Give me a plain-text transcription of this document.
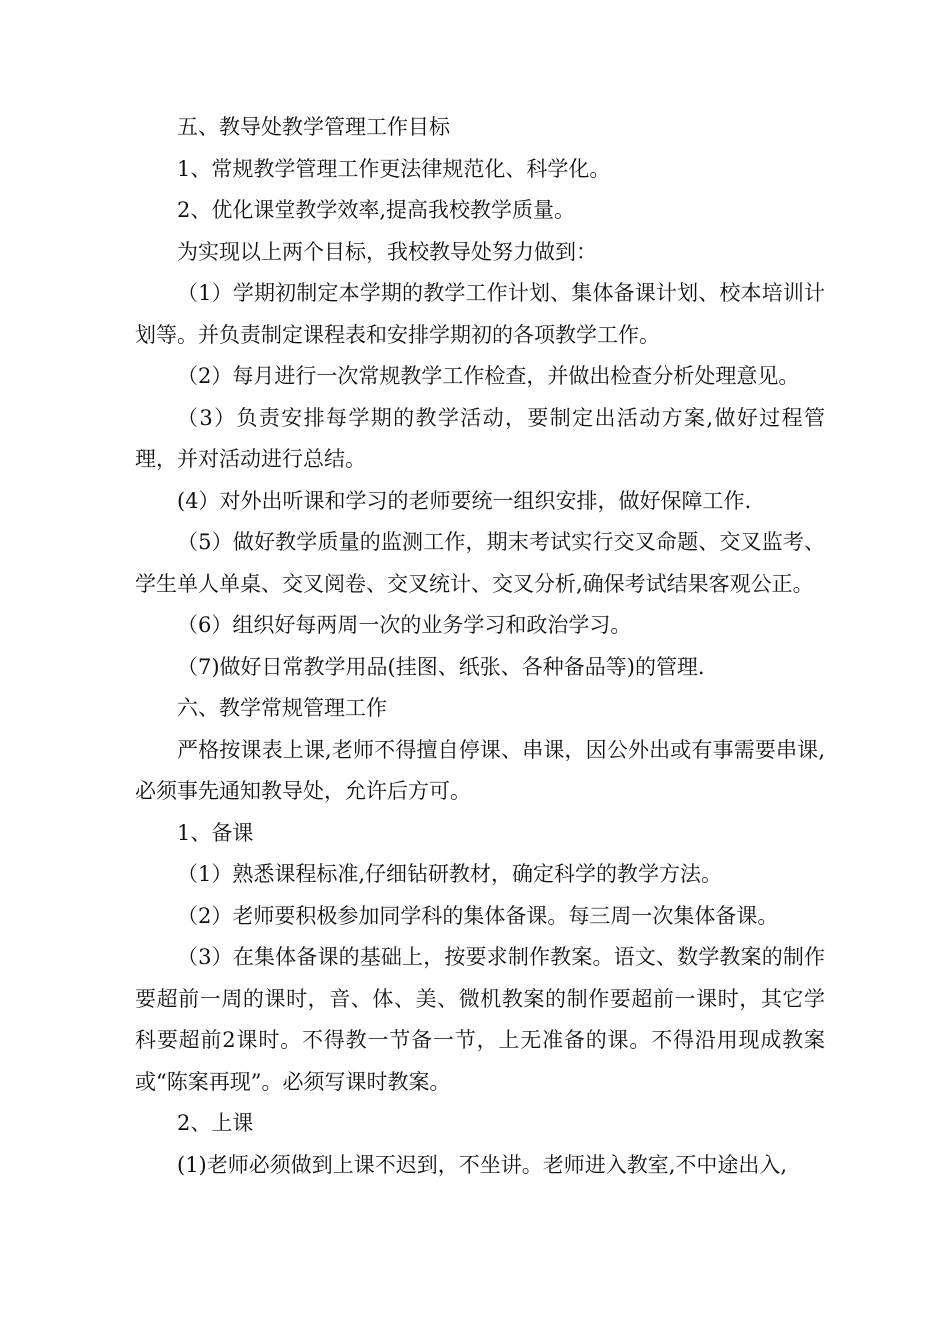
五、教导处教学管理工作目标

1、常规教学管理工作更法律规范化、科学化。

2、优化课堂教学效率,提高我校教学质量。

为实现以上两个目标，我校教导处努力做到：

（1）学期初制定本学期的教学工作计划、集体备课计划、校本培训计划等。并负责制定课程表和安排学期初的各项教学工作。

（2）每月进行一次常规教学工作检查，并做出检查分析处理意见。

（3）负责安排每学期的教学活动，要制定出活动方案,做好过程管理，并对活动进行总结。

(4）对外出听课和学习的老师要统一组织安排，做好保障工作.

（5）做好教学质量的监测工作，期末考试实行交叉命题、交叉监考、学生单人单桌、交叉阅卷、交叉统计、交叉分析,确保考试结果客观公正。

（6）组织好每两周一次的业务学习和政治学习。

（7)做好日常教学用品(挂图、纸张、各种备品等)的管理.

六、教学常规管理工作

严格按课表上课,老师不得擅自停课、串课，因公外出或有事需要串课,必须事先通知教导处，允许后方可。

1、备课

（1）熟悉课程标准,仔细钻研教材，确定科学的教学方法。

（2）老师要积极参加同学科的集体备课。每三周一次集体备课。

（3）在集体备课的基础上，按要求制作教案。语文、数学教案的制作要超前一周的课时，音、体、美、微机教案的制作要超前一课时，其它学科要超前2课时。不得教一节备一节，上无准备的课。不得沿用现成教案或“陈案再现”。必须写课时教案。

2、上课

(1)老师必须做到上课不迟到，不坐讲。老师进入教室,不中途出入,
